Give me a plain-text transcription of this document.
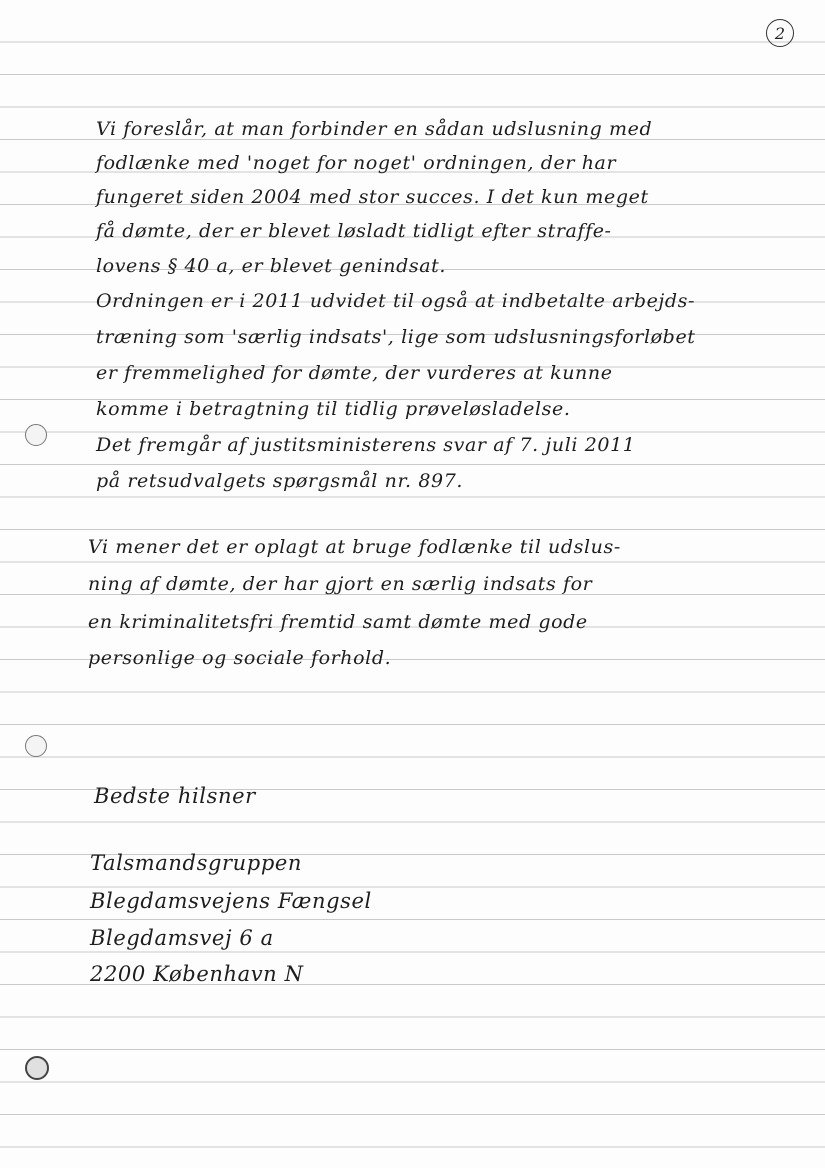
2
Vi foreslår, at man forbinder en sådan udslusning med
fodlænke med 'noget for noget' ordningen, der har
fungeret siden 2004 med stor succes. I det kun meget
få dømte, der er blevet løsladt tidligt efter straffe-
lovens § 40 a, er blevet genindsat.
Ordningen er i 2011 udvidet til også at indbetalte arbejds-
træning som 'særlig indsats', lige som udslusningsforløbet
er fremmelighed for dømte, der vurderes at kunne
komme i betragtning til tidlig prøveløsladelse.
Det fremgår af justitsministerens svar af 7. juli 2011
på retsudvalgets spørgsmål nr. 897.
Vi mener det er oplagt at bruge fodlænke til udslus-
ning af dømte, der har gjort en særlig indsats for
en kriminalitetsfri fremtid samt dømte med gode
personlige og sociale forhold.
Bedste hilsner
Talsmandsgruppen
Blegdamsvejens Fængsel
Blegdamsvej 6 a
2200 København N
